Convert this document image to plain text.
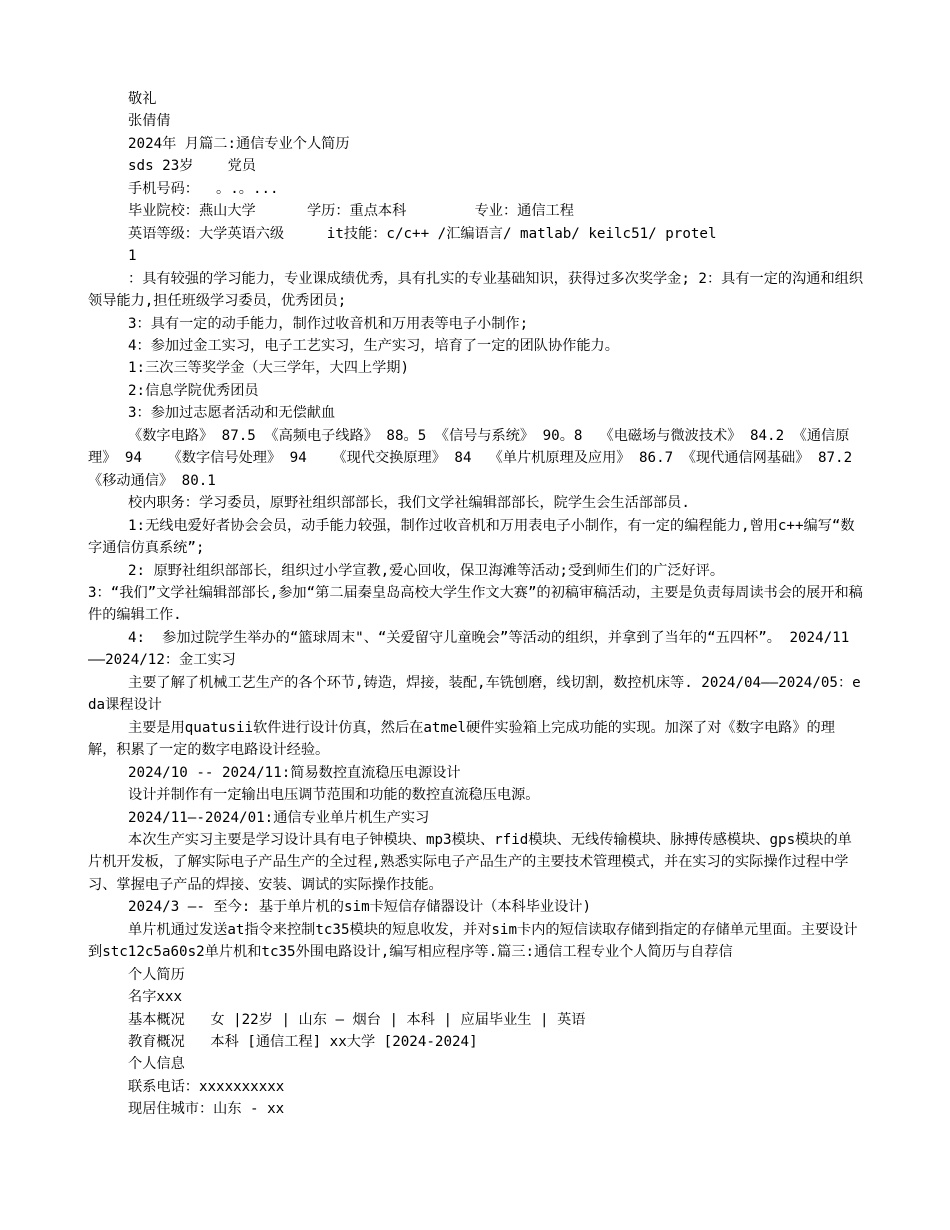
敬礼

张倩倩

2024年 月篇二:通信专业个人简历

sds 23岁    党员

手机号码：  。.。...

毕业院校：燕山大学      学历：重点本科        专业：通信工程

英语等级：大学英语六级     it技能：c/c++ /汇编语言/ matlab/ keilc51/ protel

1

：具有较强的学习能力，专业课成绩优秀，具有扎实的专业基础知识，获得过多次奖学金; 2：具有一定的沟通和组织领导能力,担任班级学习委员，优秀团员;

3：具有一定的动手能力，制作过收音机和万用表等电子小制作;

4：参加过金工实习，电子工艺实习，生产实习，培育了一定的团队协作能力。

1:三次三等奖学金（大三学年，大四上学期)

2:信息学院优秀团员

3：参加过志愿者活动和无偿献血

《数字电路》 87.5 《高频电子线路》 88。5 《信号与系统》 90。8  《电磁场与微波技术》 84.2 《通信原理》 94   《数字信号处理》 94   《现代交换原理》 84  《单片机原理及应用》 86.7 《现代通信网基础》 87.2  《移动通信》 80.1

校内职务：学习委员，原野社组织部部长，我们文学社编辑部部长，院学生会生活部部员.

1:无线电爱好者协会会员，动手能力较强，制作过收音机和万用表电子小制作，有一定的编程能力,曾用c++编写“数字通信仿真系统”;

2: 原野社组织部部长，组织过小学宣教,爱心回收，保卫海滩等活动;受到师生们的广泛好评。

3：“我们”文学社编辑部部长,参加“第二届秦皇岛高校大学生作文大赛”的初稿审稿活动，主要是负责每周读书会的展开和稿件的编辑工作.

4:  参加过院学生举办的“篮球周末"、“关爱留守儿童晚会”等活动的组织，并拿到了当年的“五四杯”。 2024/11——2024/12：金工实习

主要了解了机械工艺生产的各个环节,铸造，焊接，装配,车铣刨磨，线切割，数控机床等. 2024/04——2024/05：eda课程设计

主要是用quatusii软件进行设计仿真，然后在atmel硬件实验箱上完成功能的实现。加深了对《数字电路》的理解，积累了一定的数字电路设计经验。

2024/10 -- 2024/11:简易数控直流稳压电源设计

设计并制作有一定输出电压调节范围和功能的数控直流稳压电源。

2024/11—-2024/01:通信专业单片机生产实习

本次生产实习主要是学习设计具有电子钟模块、mp3模块、rfid模块、无线传输模块、脉搏传感模块、gps模块的单片机开发板，了解实际电子产品生产的全过程,熟悉实际电子产品生产的主要技术管理模式，并在实习的实际操作过程中学习、掌握电子产品的焊接、安装、调试的实际操作技能。

2024/3 —- 至今: 基于单片机的sim卡短信存储器设计（本科毕业设计)

单片机通过发送at指令来控制tc35模块的短息收发，并对sim卡内的短信读取存储到指定的存储单元里面。主要设计到stc12c5a60s2单片机和tc35外围电路设计,编写相应程序等.篇三:通信工程专业个人简历与自荐信

个人简历

名字xxx

基本概况   女 |22岁 | 山东 — 烟台 | 本科 | 应届毕业生 | 英语

教育概况   本科 [通信工程] xx大学 [2024-2024]

个人信息

联系电话：xxxxxxxxxx

现居住城市：山东 - xx
